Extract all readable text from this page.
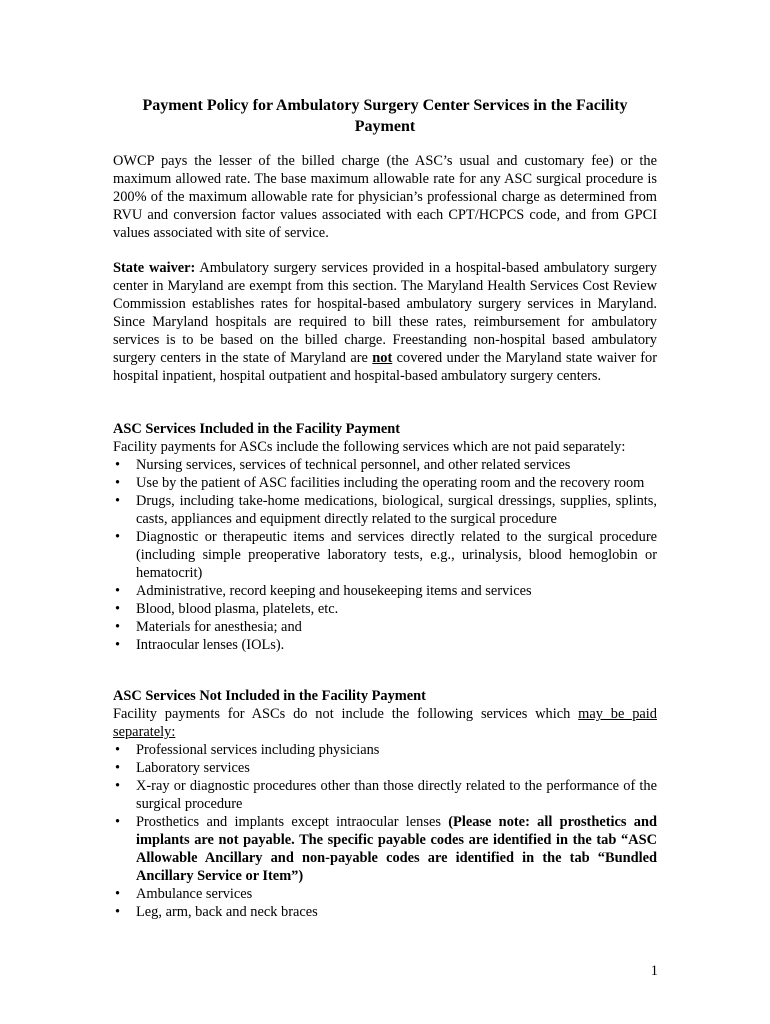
Payment Policy for Ambulatory Surgery Center Services in the Facility Payment

OWCP pays the lesser of the billed charge (the ASC’s usual and customary fee) or the maximum allowed rate. The base maximum allowable rate for any ASC surgical procedure is 200% of the maximum allowable rate for physician’s professional charge as determined from RVU and conversion factor values associated with each CPT/HCPCS code, and from GPCI values associated with site of service.

State waiver: Ambulatory surgery services provided in a hospital-based ambulatory surgery center in Maryland are exempt from this section. The Maryland Health Services Cost Review Commission establishes rates for hospital-based ambulatory surgery services in Maryland. Since Maryland hospitals are required to bill these rates, reimbursement for ambulatory services is to be based on the billed charge. Freestanding non-hospital based ambulatory surgery centers in the state of Maryland are not covered under the Maryland state waiver for hospital inpatient, hospital outpatient and hospital-based ambulatory surgery centers.

ASC Services Included in the Facility Payment
Facility payments for ASCs include the following services which are not paid separately:
• Nursing services, services of technical personnel, and other related services
• Use by the patient of ASC facilities including the operating room and the recovery room
• Drugs, including take-home medications, biological, surgical dressings, supplies, splints, casts, appliances and equipment directly related to the surgical procedure
• Diagnostic or therapeutic items and services directly related to the surgical procedure (including simple preoperative laboratory tests, e.g., urinalysis, blood hemoglobin or hematocrit)
• Administrative, record keeping and housekeeping items and services
• Blood, blood plasma, platelets, etc.
• Materials for anesthesia; and
• Intraocular lenses (IOLs).
ASC Services Not Included in the Facility Payment
Facility payments for ASCs do not include the following services which may be paid separately:
• Professional services including physicians
• Laboratory services
• X-ray or diagnostic procedures other than those directly related to the performance of the surgical procedure
• Prosthetics and implants except intraocular lenses (Please note: all prosthetics and implants are not payable. The specific payable codes are identified in the tab “ASC Allowable Ancillary and non-payable codes are identified in the tab “Bundled Ancillary Service or Item”)
• Ambulance services
• Leg, arm, back and neck braces
1
